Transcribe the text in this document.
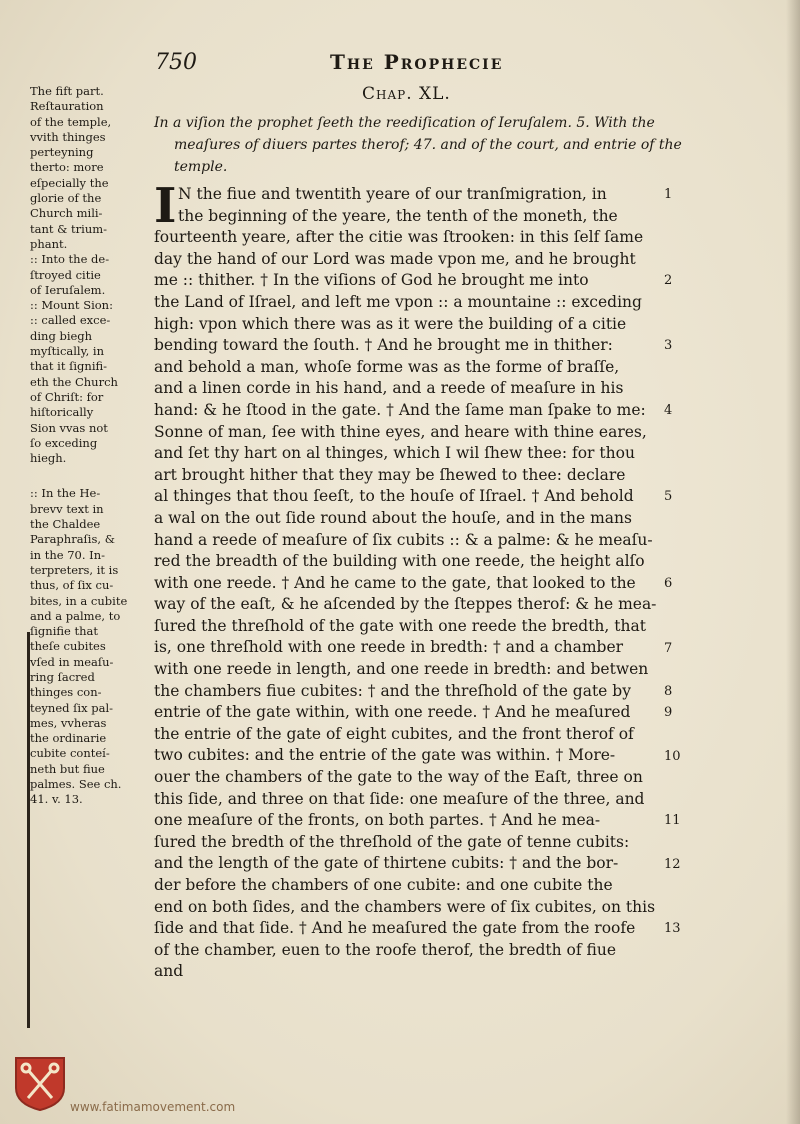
750	The Prophecie
Chap. XL.
In a viſion the prophet ſeeth the reediſication of Ieruſalem. 5. With the
meaſures of diuers partes therof; 47. and of the court, and entrie of the
temple.
The fift part.
Reſtauration
of the temple,
vvith thinges
perteyning
therto: more
eſpecially the
glorie of the
Church mili-
tant & trium-
phant.
:: Into the de-
ſtroyed citie
of Ieruſalem.
:: Mount Sion:
:: called exce-
ding biegh
myſtically, in
that it ſignifi-
eth the Church
of Chriſt: for
hiſtorically
Sion vvas not
ſo exceding
hiegh.
:: In the He-
brevv text in
the Chaldee
Paraphraſis, &
in the 70. In-
terpreters, it is
thus, of ſix cu-
bites, in a cubite
and a palme, to
ſignifie that
theſe cubites
vſed in meaſu-
ring ſacred
thinges con-
teyned ſix pal-
mes, vvheras
the ordinarie
cubite conteí-
neth but fiue
palmes. See ch.
41. v. 13.
I N the fiue and twentith yeare of our tranſmigration, in
the beginning of the yeare, the tenth of the moneth, the
fourteenth yeare, after the citie was ſtrooken: in this ſelf ſame
day the hand of our Lord was made vpon me, and he brought
me :: thither. † In the viſions of God he brought me into
the Land of Iſrael, and left me vpon :: a mountaine :: exceding
high: vpon which there was as it were the building of a citie
bending toward the ſouth. † And he brought me in thither:
and behold a man, whoſe forme was as the forme of braſſe,
and a linen corde in his hand, and a reede of meaſure in his
hand: & he ſtood in the gate. † And the ſame man ſpake to me:
Sonne of man, ſee with thine eyes, and heare with thine eares,
and ſet thy hart on al thinges, which I wil ſhew thee: for thou
art brought hither that they may be ſhewed to thee: declare
al thinges that thou ſeeſt, to the houſe of Iſrael. † And behold
a wal on the out ſide round about the houſe, and in the mans
hand a reede of meaſure of ſix cubits :: & a palme: & he meaſu-
red the breadth of the building with one reede, the height alſo
with one reede. † And he came to the gate, that looked to the
way of the eaſt, & he aſcended by the ſteppes therof: & he mea-
ſured the threſhold of the gate with one reede the bredth, that
is, one threſhold with one reede in bredth: † and a chamber
with one reede in length, and one reede in bredth: and betwen
the chambers fiue cubites: † and the threſhold of the gate by
entrie of the gate within, with one reede. † And he meaſured
the entrie of the gate of eight cubites, and the front therof of
two cubites: and the entrie of the gate was within. † More-
ouer the chambers of the gate to the way of the Eaſt, three on
this ſide, and three on that ſide: one meaſure of the three, and
one meaſure of the fronts, on both partes. † And he mea-
ſured the bredth of the threſhold of the gate of tenne cubits:
and the length of the gate of thirtene cubits: † and the bor-
der before the chambers of one cubite: and one cubite the
end on both ſides, and the chambers were of ſix cubites, on this
ſide and that ſide. † And he meaſured the gate from the roofe
of the chamber, euen to the roofe therof, the bredth of fiue
and
1
2
3
4
5
6
7
8
9
10
11
12
13
www.fatimamovement.com
